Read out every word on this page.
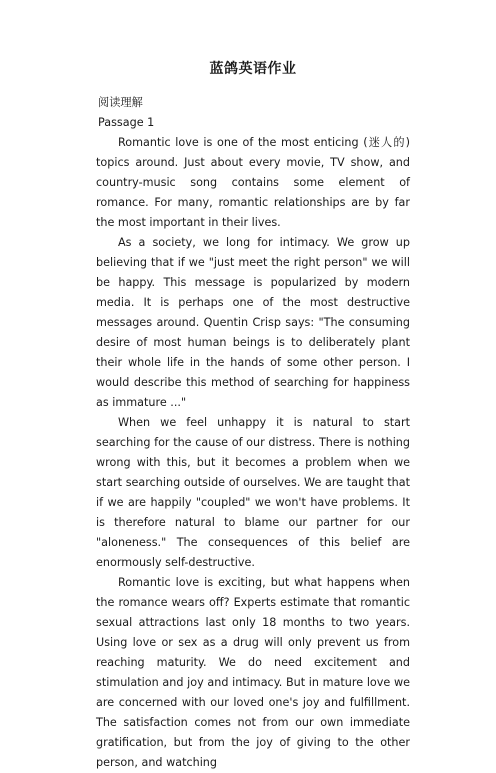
蓝鸽英语作业

阅读理解

Passage 1

Romantic love is one of the most enticing (迷人的) topics around. Just about every movie, TV show, and country-music song contains some element of romance. For many, romantic relationships are by far the most important in their lives.

As a society, we long for intimacy. We grow up believing that if we "just meet the right person" we will be happy. This message is popularized by modern media. It is perhaps one of the most destructive messages around. Quentin Crisp says: "The consuming desire of most human beings is to deliberately plant their whole life in the hands of some other person. I would describe this method of searching for happiness as immature ..."

When we feel unhappy it is natural to start searching for the cause of our distress. There is nothing wrong with this, but it becomes a problem when we start searching outside of ourselves. We are taught that if we are happily "coupled" we won't have problems. It is therefore natural to blame our partner for our "aloneness." The consequences of this belief are enormously self-destructive.

Romantic love is exciting, but what happens when the romance wears off? Experts estimate that romantic sexual attractions last only 18 months to two years. Using love or sex as a drug will only prevent us from reaching maturity. We do need excitement and stimulation and joy and intimacy. But in mature love we are concerned with our loved one's joy and fulfillment. The satisfaction comes not from our own immediate gratification, but from the joy of giving to the other person, and watching
